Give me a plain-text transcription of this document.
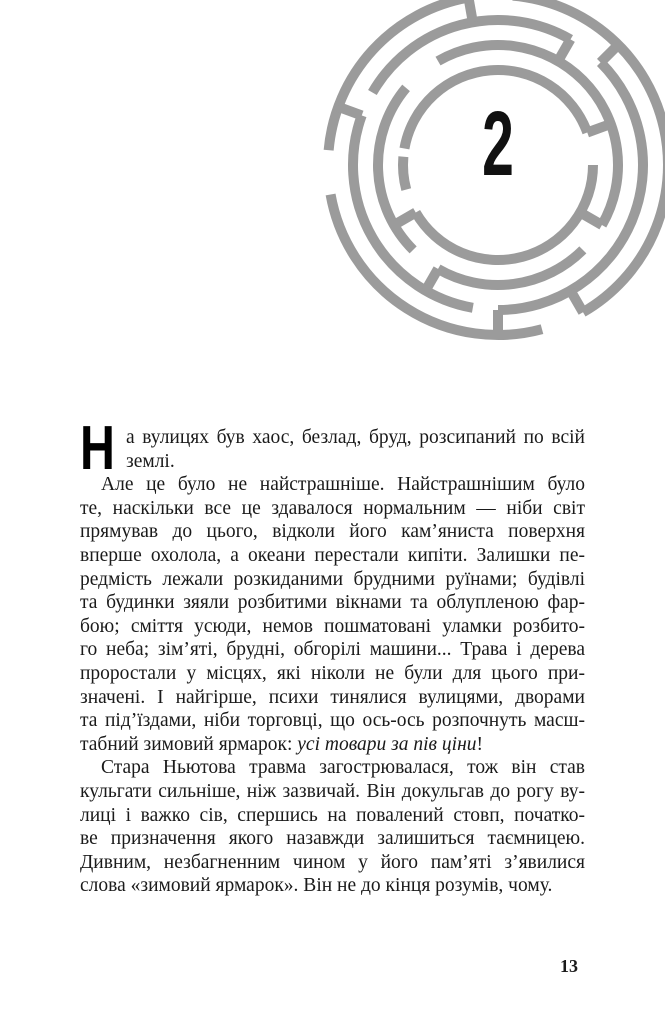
2
Н а вулицях був хаос, безлад, бруд, розсипаний по всій
землі.
Але це було не найстрашніше. Найстрашнішим було
те, наскільки все це здавалося нормальним — ніби світ
прямував до цього, відколи його кам’яниста поверхня
вперше охолола, а океани перестали кипіти. Залишки пе-
редмість лежали розкиданими брудними руїнами; будівлі
та будинки зяяли розбитими вікнами та облупленою фар-
бою; сміття усюди, немов пошматовані уламки розбито-
го неба; зім’яті, брудні, обгорілі машини... Трава і дерева
проростали у місцях, які ніколи не були для цього при-
значені. І найгірше, психи тинялися вулицями, дворами
та під’їздами, ніби торговці, що ось-ось розпочнуть масш-
табний зимовий ярмарок: усі товари за пів ціни!
Стара Ньютова травма загострювалася, тож він став
кульгати сильніше, ніж зазвичай. Він докульгав до рогу ву-
лиці і важко сів, спершись на повалений стовп, початко-
ве призначення якого назавжди залишиться таємницею.
Дивним, незбагненним чином у його пам’яті з’явилися
слова «зимовий ярмарок». Він не до кінця розумів, чому.
13
